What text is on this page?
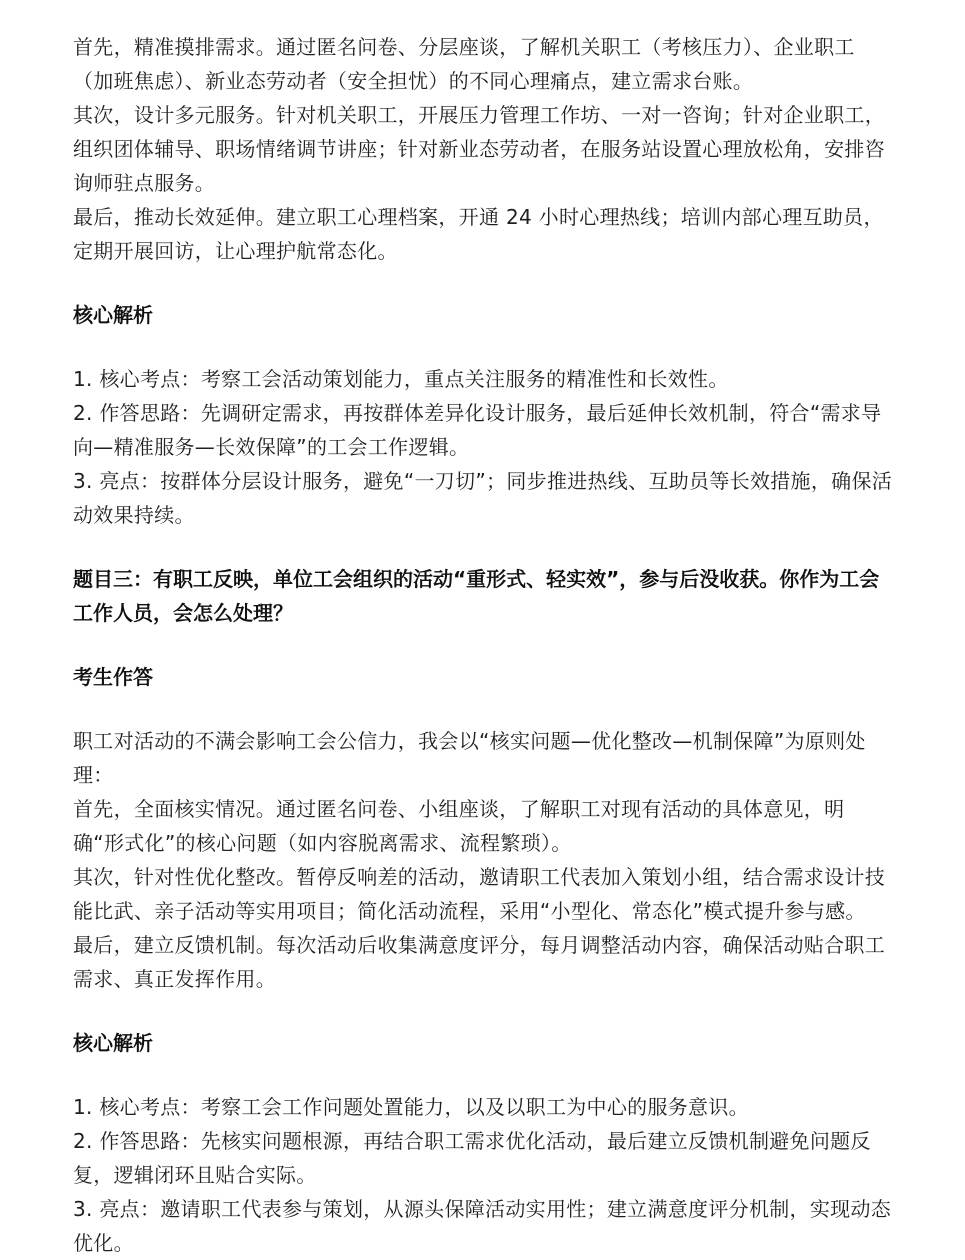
首先，精准摸排需求。通过匿名问卷、分层座谈，了解机关职工（考核压力）、企业职工（加班焦虑）、新业态劳动者（安全担忧）的不同心理痛点，建立需求台账。

其次，设计多元服务。针对机关职工，开展压力管理工作坊、一对一咨询；针对企业职工，组织团体辅导、职场情绪调节讲座；针对新业态劳动者，在服务站设置心理放松角，安排咨询师驻点服务。

最后，推动长效延伸。建立职工心理档案，开通 24 小时心理热线；培训内部心理互助员，定期开展回访，让心理护航常态化。

核心解析

1. 核心考点：考察工会活动策划能力，重点关注服务的精准性和长效性。

2. 作答思路：先调研定需求，再按群体差异化设计服务，最后延伸长效机制，符合“需求导向—精准服务—长效保障”的工会工作逻辑。

3. 亮点：按群体分层设计服务，避免“一刀切”；同步推进热线、互助员等长效措施，确保活动效果持续。

题目三：有职工反映，单位工会组织的活动“重形式、轻实效”，参与后没收获。你作为工会工作人员，会怎么处理？

考生作答

职工对活动的不满会影响工会公信力，我会以“核实问题—优化整改—机制保障”为原则处理：

首先，全面核实情况。通过匿名问卷、小组座谈，了解职工对现有活动的具体意见，明确“形式化”的核心问题（如内容脱离需求、流程繁琐）。

其次，针对性优化整改。暂停反响差的活动，邀请职工代表加入策划小组，结合需求设计技能比武、亲子活动等实用项目；简化活动流程，采用“小型化、常态化”模式提升参与感。

最后，建立反馈机制。每次活动后收集满意度评分，每月调整活动内容，确保活动贴合职工需求、真正发挥作用。

核心解析

1. 核心考点：考察工会工作问题处置能力，以及以职工为中心的服务意识。

2. 作答思路：先核实问题根源，再结合职工需求优化活动，最后建立反馈机制避免问题反复，逻辑闭环且贴合实际。

3. 亮点：邀请职工代表参与策划，从源头保障活动实用性；建立满意度评分机制，实现动态优化。
